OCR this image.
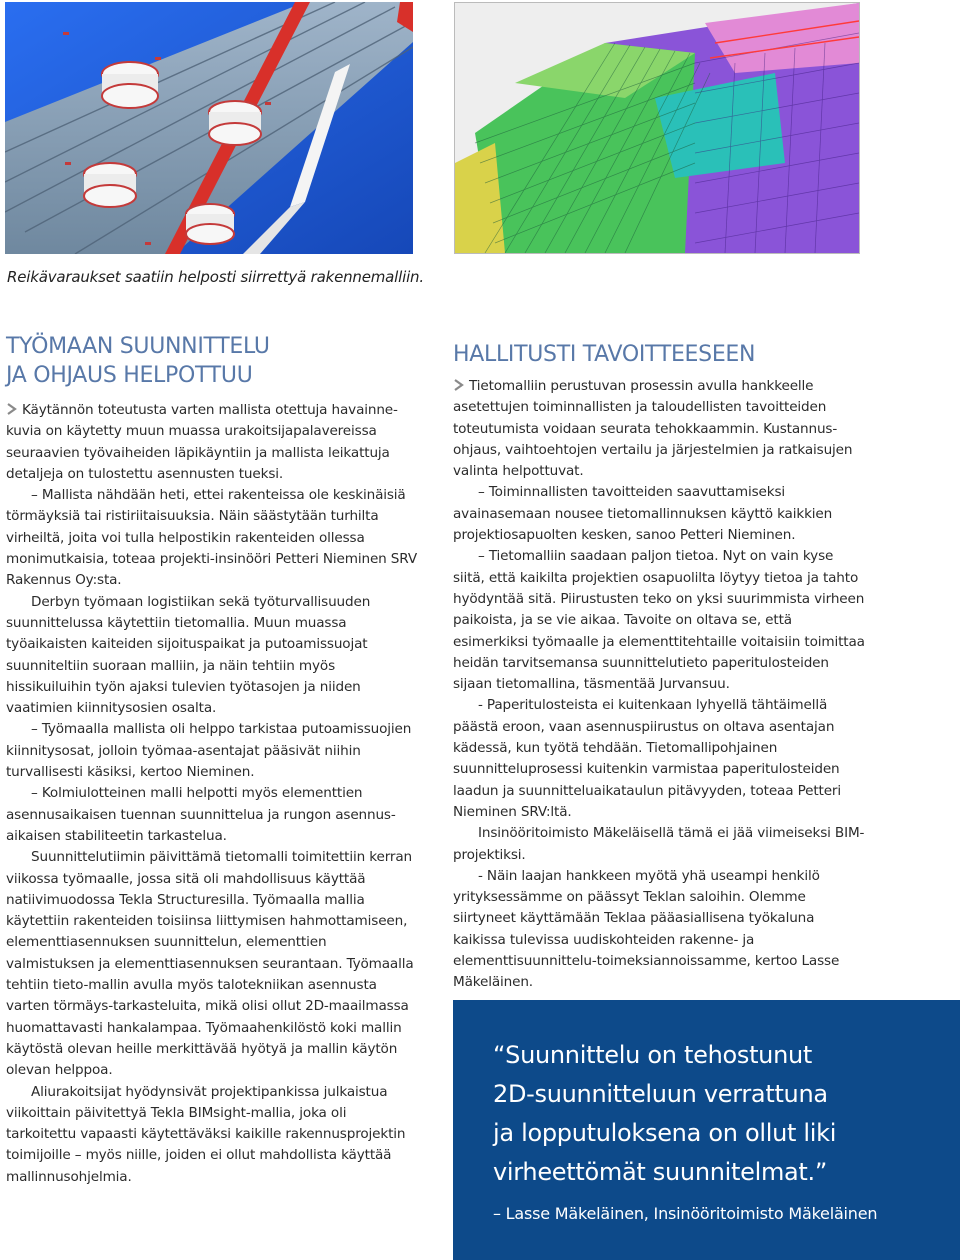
Reikävaraukset saatiin helposti siirrettyä rakennemalliin.
TYÖMAAN SUUNNITTELU
JA OHJAUS HELPOTTUU

Käytännön toteutusta varten mallista otettuja havainne-kuvia on käytetty muun muassa urakoitsijapalavereissa seuraavien työvaiheiden läpikäyntiin ja mallista leikattuja detaljeja on tulostettu asennusten tueksi.

– Mallista nähdään heti, ettei rakenteissa ole keskinäisiä törmäyksiä tai ristiriitaisuuksia. Näin säästytään turhilta virheiltä, joita voi tulla helpostikin rakenteiden ollessa monimutkaisia, toteaa projekti-insinööri Petteri Nieminen SRV Rakennus Oy:sta.

Derbyn työmaan logistiikan sekä työturvallisuuden suunnittelussa käytettiin tietomallia. Muun muassa työaikaisten kaiteiden sijoituspaikat ja putoamissuojat suunniteltiin suoraan malliin, ja näin tehtiin myös hissikuiluihin työn ajaksi tulevien työtasojen ja niiden vaatimien kiinnitysosien osalta.

– Työmaalla mallista oli helppo tarkistaa putoamissuojien kiinnitysosat, jolloin työmaa-asentajat pääsivät niihin turvallisesti käsiksi, kertoo Nieminen.

– Kolmiulotteinen malli helpotti myös elementtien asennusaikaisen tuennan suunnittelua ja rungon asennus-aikaisen stabiliteetin tarkastelua.

Suunnittelutiimin päivittämä tietomalli toimitettiin kerran viikossa työmaalle, jossa sitä oli mahdollisuus käyttää natiivimuodossa Tekla Structuresilla. Työmaalla mallia käytettiin rakenteiden toisiinsa liittymisen hahmottamiseen, elementtiasennuksen suunnittelun, elementtien valmistuksen ja elementtiasennuksen seurantaan. Työmaalla tehtiin tieto-mallin avulla myös talotekniikan asennusta varten törmäys-tarkasteluita, mikä olisi ollut 2D-maailmassa huomattavasti hankalampaa. Työmaahenkilöstö koki mallin käytöstä olevan heille merkittävää hyötyä ja mallin käytön olevan helppoa.

Aliurakoitsijat hyödynsivät projektipankissa julkaistua viikoittain päivitettyä Tekla BIMsight-mallia, joka oli tarkoitettu vapaasti käytettäväksi kaikille rakennusprojektin toimijoille – myös niille, joiden ei ollut mahdollista käyttää mallinnusohjelmia.

HALLITUSTI TAVOITTEESEEN

Tietomalliin perustuvan prosessin avulla hankkeelle asetettujen toiminnallisten ja taloudellisten tavoitteiden toteutumista voidaan seurata tehokkaammin. Kustannus-ohjaus, vaihtoehtojen vertailu ja järjestelmien ja ratkaisujen valinta helpottuvat.

– Toiminnallisten tavoitteiden saavuttamiseksi avainasemaan nousee tietomallinnuksen käyttö kaikkien projektiosapuolten kesken, sanoo Petteri Nieminen.

– Tietomalliin saadaan paljon tietoa. Nyt on vain kyse siitä, että kaikilta projektien osapuolilta löytyy tietoa ja tahto hyödyntää sitä. Piirustusten teko on yksi suurimmista virheen paikoista, ja se vie aikaa. Tavoite on oltava se, että esimerkiksi työmaalle ja elementtitehtaille voitaisiin toimittaa heidän tarvitsemansa suunnittelutieto paperitulosteiden sijaan tietomallina, täsmentää Jurvansuu.

- Paperitulosteista ei kuitenkaan lyhyellä tähtäimellä päästä eroon, vaan asennuspiirustus on oltava asentajan kädessä, kun työtä tehdään. Tietomallipohjainen suunnitteluprosessi kuitenkin varmistaa paperitulosteiden laadun ja suunnitteluaikataulun pitävyyden, toteaa Petteri Nieminen SRV:ltä.

Insinööritoimisto Mäkeläisellä tämä ei jää viimeiseksi BIM-projektiksi.

- Näin laajan hankkeen myötä yhä useampi henkilö yrityksessämme on päässyt Teklan saloihin. Olemme siirtyneet käyttämään Teklaa pääasiallisena työkaluna kaikissa tulevissa uudiskohteiden rakenne- ja elementtisuunnittelu-toimeksiannoissamme, kertoo Lasse Mäkeläinen.

“Suunnittelu on tehostunut
2D-suunnitteluun verrattuna
ja lopputuloksena on ollut liki
virheettömät suunnitelmat.”
– Lasse Mäkeläinen, Insinööritoimisto Mäkeläinen
